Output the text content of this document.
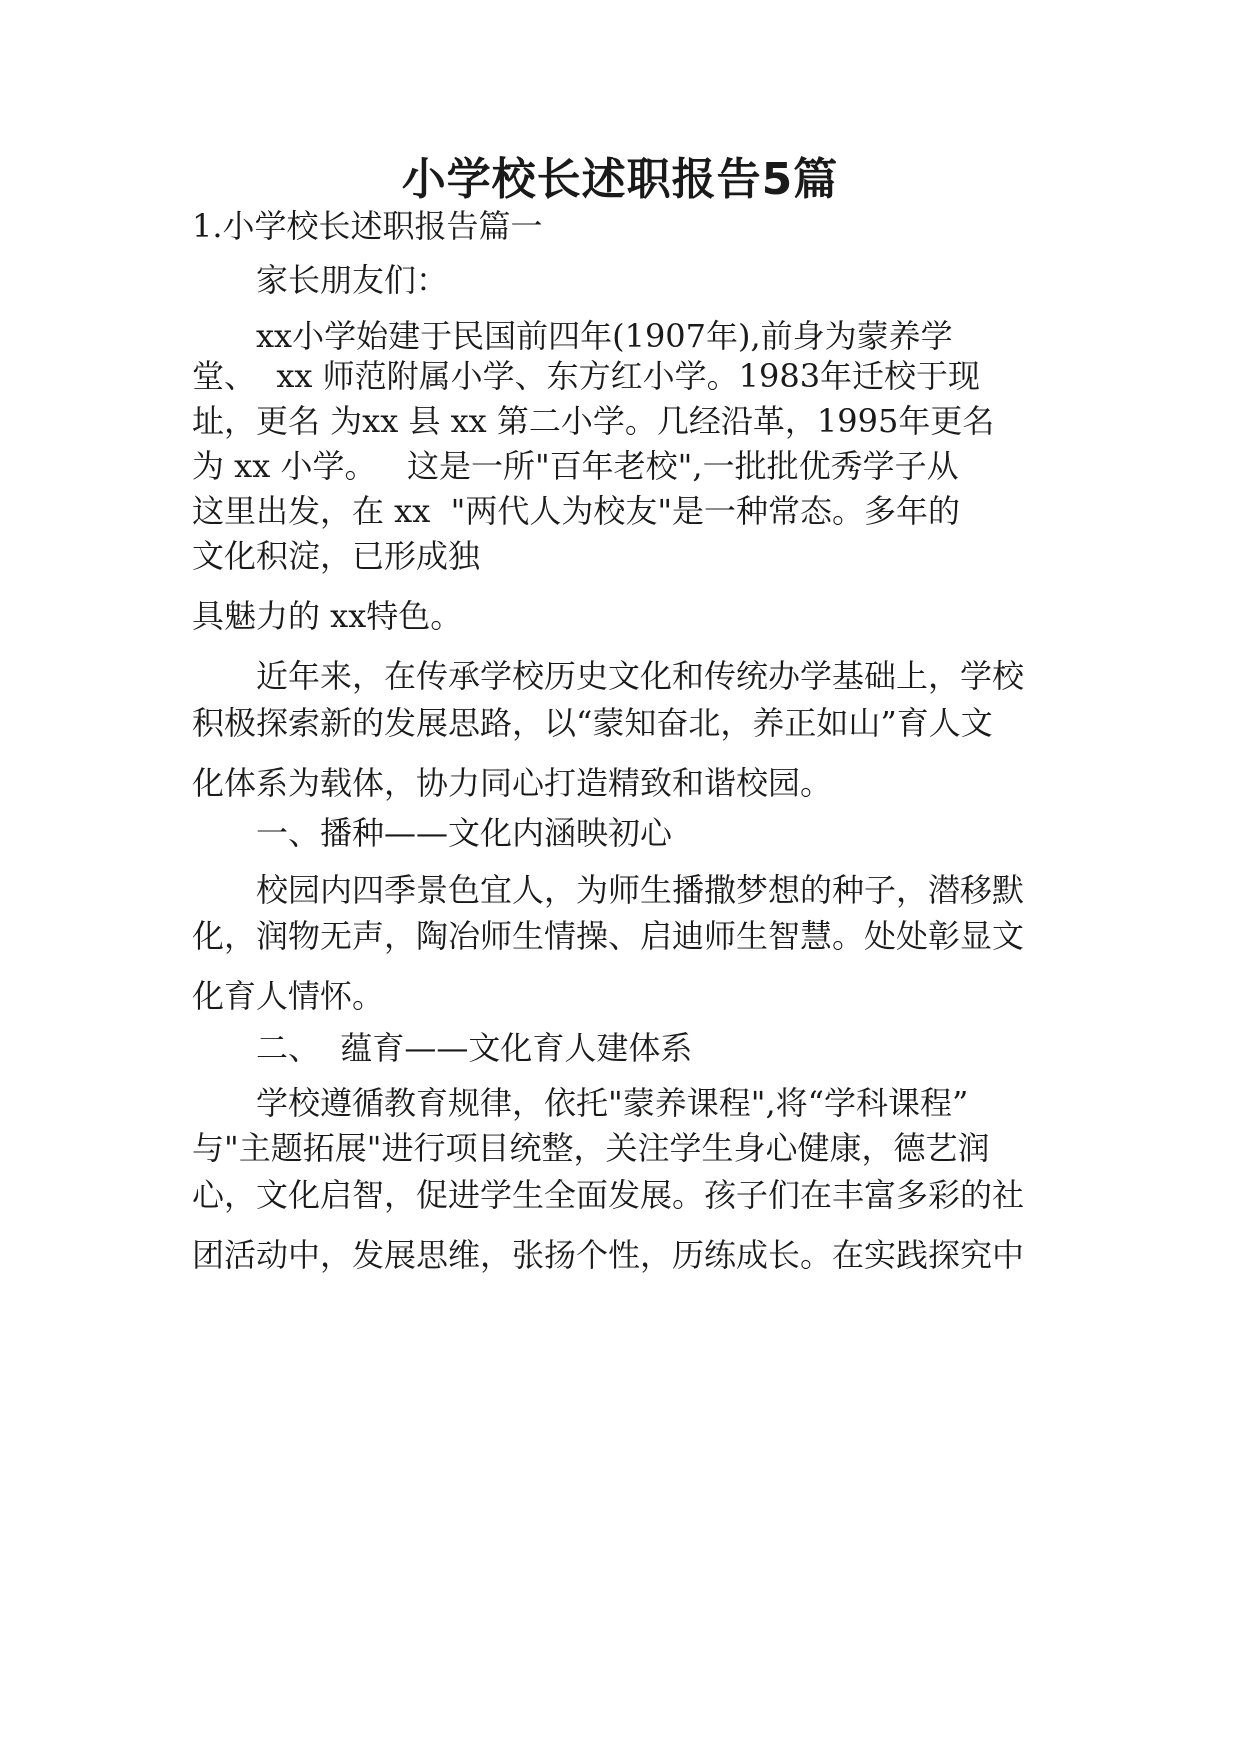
小学校长述职报告5篇

1.小学校长述职报告篇一

家长朋友们：

xx小学始建于民国前四年(1907年),前身为蒙养学

堂、  xx 师范附属小学、东方红小学。1983年迁校于现

址，更名 为xx 县 xx 第二小学。几经沿革，1995年更名

为 xx 小学。   这是一所"百年老校",一批批优秀学子从

这里出发，在 xx  "两代人为校友"是一种常态。多年的

文化积淀，已形成独

具魅力的 xx特色。

近年来，在传承学校历史文化和传统办学基础上，学校

积极探索新的发展思路，以“蒙知奋北，养正如山”育人文

化体系为载体，协力同心打造精致和谐校园。

一、播种——文化内涵映初心

校园内四季景色宜人，为师生播撒梦想的种子，潜移默

化，润物无声，陶冶师生情操、启迪师生智慧。处处彰显文

化育人情怀。

二、  蕴育——文化育人建体系

学校遵循教育规律，依托"蒙养课程",将“学科课程”

与"主题拓展"进行项目统整，关注学生身心健康，德艺润

心，文化启智，促进学生全面发展。孩子们在丰富多彩的社

团活动中，发展思维，张扬个性，历练成长。在实践探究中
